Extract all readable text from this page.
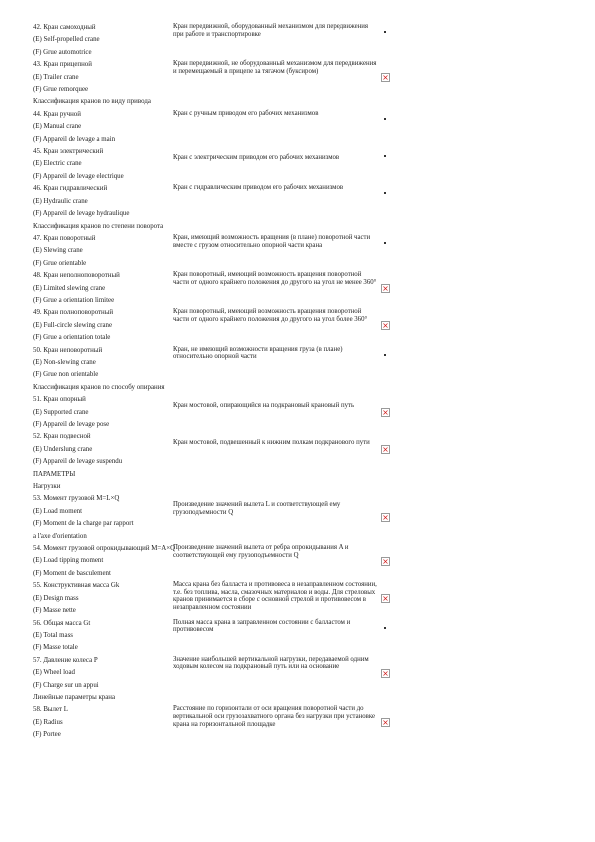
42. Кран самоходный
(E) Self-propelled crane
(F) Grue automotrice
Кран передвижной, оборудованный механизмом для передвижения при работе и транспортировке
43. Кран прицепной
(E) Trailer crane
(F) Grue remorquee
Кран передвижной, не оборудованный механизмом для передвижения и перемещаемый в прицепе за тягачом (буксиром)
×
Классификация кранов по виду привода
44. Кран ручной
(E) Manual crane
(F) Appareil de levage a main
Кран с ручным приводом его рабочих механизмов
45. Кран электрический
(E) Electric crane
(F) Appareil de levage electrique
Кран с электрическим приводом его рабочих механизмов
46. Кран гидравлический
(E) Hydraulic crane
(F) Appareil de levage hydraulique
Кран с гидравлическим приводом его рабочих механизмов
Классификация кранов по степени поворота
47. Кран поворотный
(E) Slewing crane
(F) Grue orientable
Кран, имеющий возможность вращения (в плане) поворотной части вместе с грузом относительно опорной части крана
48. Кран неполноповоротный
(E) Limited slewing crane
(F) Grue a orientation limitee
Кран поворотный, имеющий возможность вращения поворотной части от одного крайнего положения до другого на угол не менее 360°
×
49. Кран полноповоротный
(E) Full-circle slewing crane
(F) Grue a orientation totale
Кран поворотный, имеющий возможность вращения поворотной части от одного крайнего положения до другого на угол более 360°
×
50. Кран неповоротный
(E) Non-slewing crane
(F) Grue non orientable
Кран, не имеющий возможности вращения груза (в плане) относительно опорной части
Классификация кранов по способу опирания
51. Кран опорный
(E) Supported crane
(F) Appareil de levage pose
Кран мостовой, опирающийся на подкрановый крановый путь
×
52. Кран подвесной
(E) Underslung crane
(F) Appareil de levage suspendu
Кран мостовой, подвешенный к нижним полкам подкранового пути
×
ПАРАМЕТРЫ
Нагрузки
53. Момент грузовой M=L×Q
(E) Load moment
(F) Moment de la charge par rapport
a l'axe d'orientation
Произведение значений вылета L и соответствующей ему грузоподъемности Q
×
54. Момент грузовой опрокидывающий M=A×Q
(E) Load tipping moment
(F) Moment de basculement
Произведение значений вылета от ребра опрокидывания A и соответствующей ему грузоподъемности Q
×
55. Конструктивная масса Gk
(E) Design mass
(F) Masse nette
Масса крана без балласта и противовеса в незаправленном состоянии, т.е. без топлива, масла, смазочных материалов и воды. Для стреловых кранов принимается в сборе с основной стрелой и противовесом в незаправленном состоянии
×
56. Общая масса Gt
(E) Total mass
(F) Masse totale
Полная масса крана в заправленном состоянии с балластом и противовесом
57. Давление колеса P
(E) Wheel load
(F) Charge sur un appui
Значение наибольшей вертикальной нагрузки, передаваемой одним ходовым колесом на подкрановый путь или на основание
×
Линейные параметры крана
58. Вылет L
(E) Radius
(F) Portee
Расстояние по горизонтали от оси вращения поворотной части до вертикальной оси грузозахватного органа без нагрузки при установке крана на горизонтальной площадке	×
